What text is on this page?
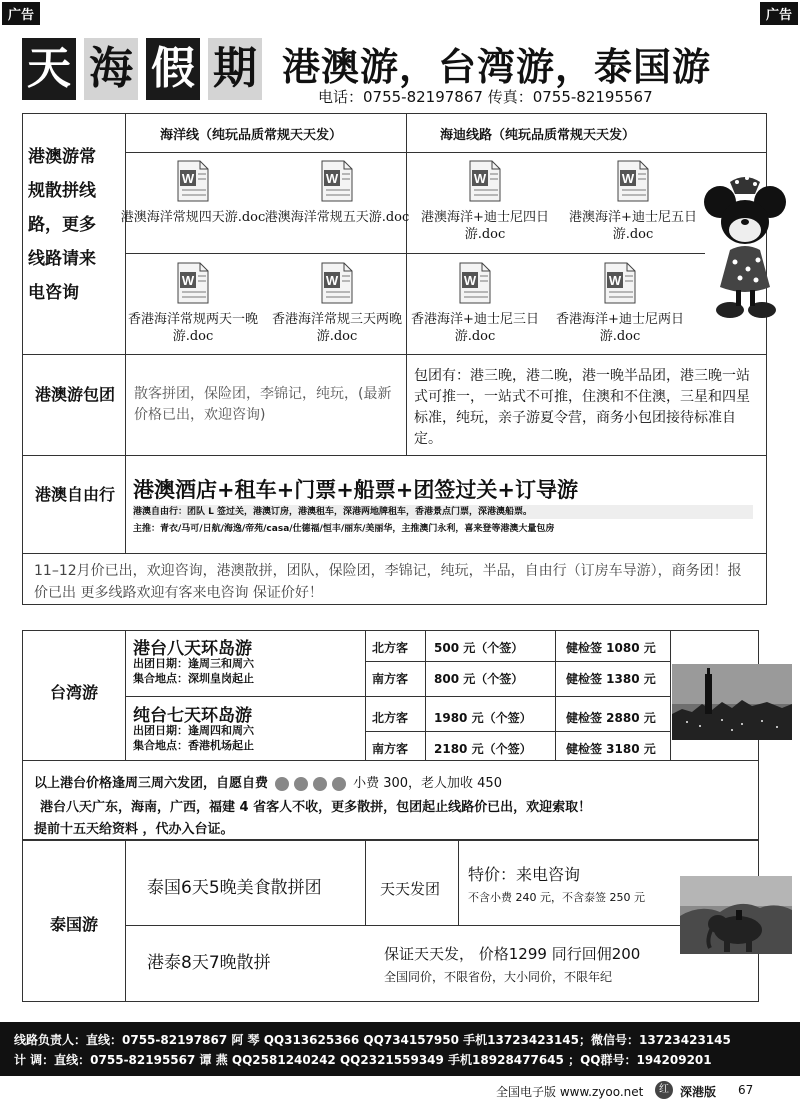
广告	广告
天 海 假 期 港澳游，台湾游，泰国游
电话：0755-82197867 传真：0755-82195567
港澳游常
规散拼线
路，更多
线路请来
电咨询
海洋线（纯玩品质常规天天发）	海迪线路（纯玩品质常规天天发）
W
港澳海洋常规四天游.doc
W
港澳海洋常规五天游.doc
W
港澳海洋+迪士尼四日游.doc
W
港澳海洋+迪士尼五日游.doc
W
香港海洋常规两天一晚游.doc
W
香港海洋常规三天两晚游.doc
W
香港海洋+迪士尼三日游.doc
W
香港海洋+迪士尼两日游.doc
港澳游包团	散客拼团，保险团，李锦记，纯玩，(最新价格已出，欢迎咨询)
包团有：港三晚，港二晚，港一晚半品团，港三晚一站式可推一，一站式不可推，住澳和不住澳，三星和四星标准，纯玩，亲子游夏令营，商务小包团接待标准自定。
港澳自由行 港澳酒店+租车+门票+船票+团签过关+订导游
港澳自由行：团队 L 签过关，港澳订房，港澳租车，深港两地牌租车，香港景点门票，深港澳船票。
主推：青衣/马可/日航/海逸/帝苑/casa/仕德福/恒丰/丽东/美丽华，主推澳门永利，喜来登等港澳大量包房
11–12月价已出，欢迎咨询，港澳散拼，团队，保险团，李锦记，纯玩，半品，自由行（订房车导游），商务团！报价已出 更多线路欢迎有客来电咨询 保证价好！
台湾游
港台八天环岛游
出团日期：逢周三和周六
集合地点：深圳皇岗起止
纯台七天环岛游
出团日期：逢周四和周六
集合地点：香港机场起止
北方客 500 元（个签）	健检签 1080 元
南方客 800 元（个签）	健检签 1380 元
北方客 1980 元（个签）	健检签 2880 元
南方客 2180 元（个签）	健检签 3180 元
以上港台价格逢周三周六发团，自愿自费	小费 300，老人加收 450
港台八天广东，海南，广西，福建 4 省客人不收，更多散拼，包团起止线路价已出，欢迎索取！
提前十五天给资料 ，代办入台证。
泰国游
泰国6天5晚美食散拼团	天天发团
特价：来电咨询
不含小费 240 元，不含泰签 250 元
港泰8天7晚散拼	保证天天发， 价格1299 同行回佣200
全国同价，不限省份，大小同价，不限年纪
线路负责人：直线：0755-82197867 阿 琴 QQ313625366 QQ734157950 手机13723423145；微信号：13723423145
计 调：直线：0755-82195567 谭 燕 QQ2581240242 QQ2321559349 手机18928477645 ；QQ群号：194209201
全国电子版 www.zyoo.net	红 深港版 67
